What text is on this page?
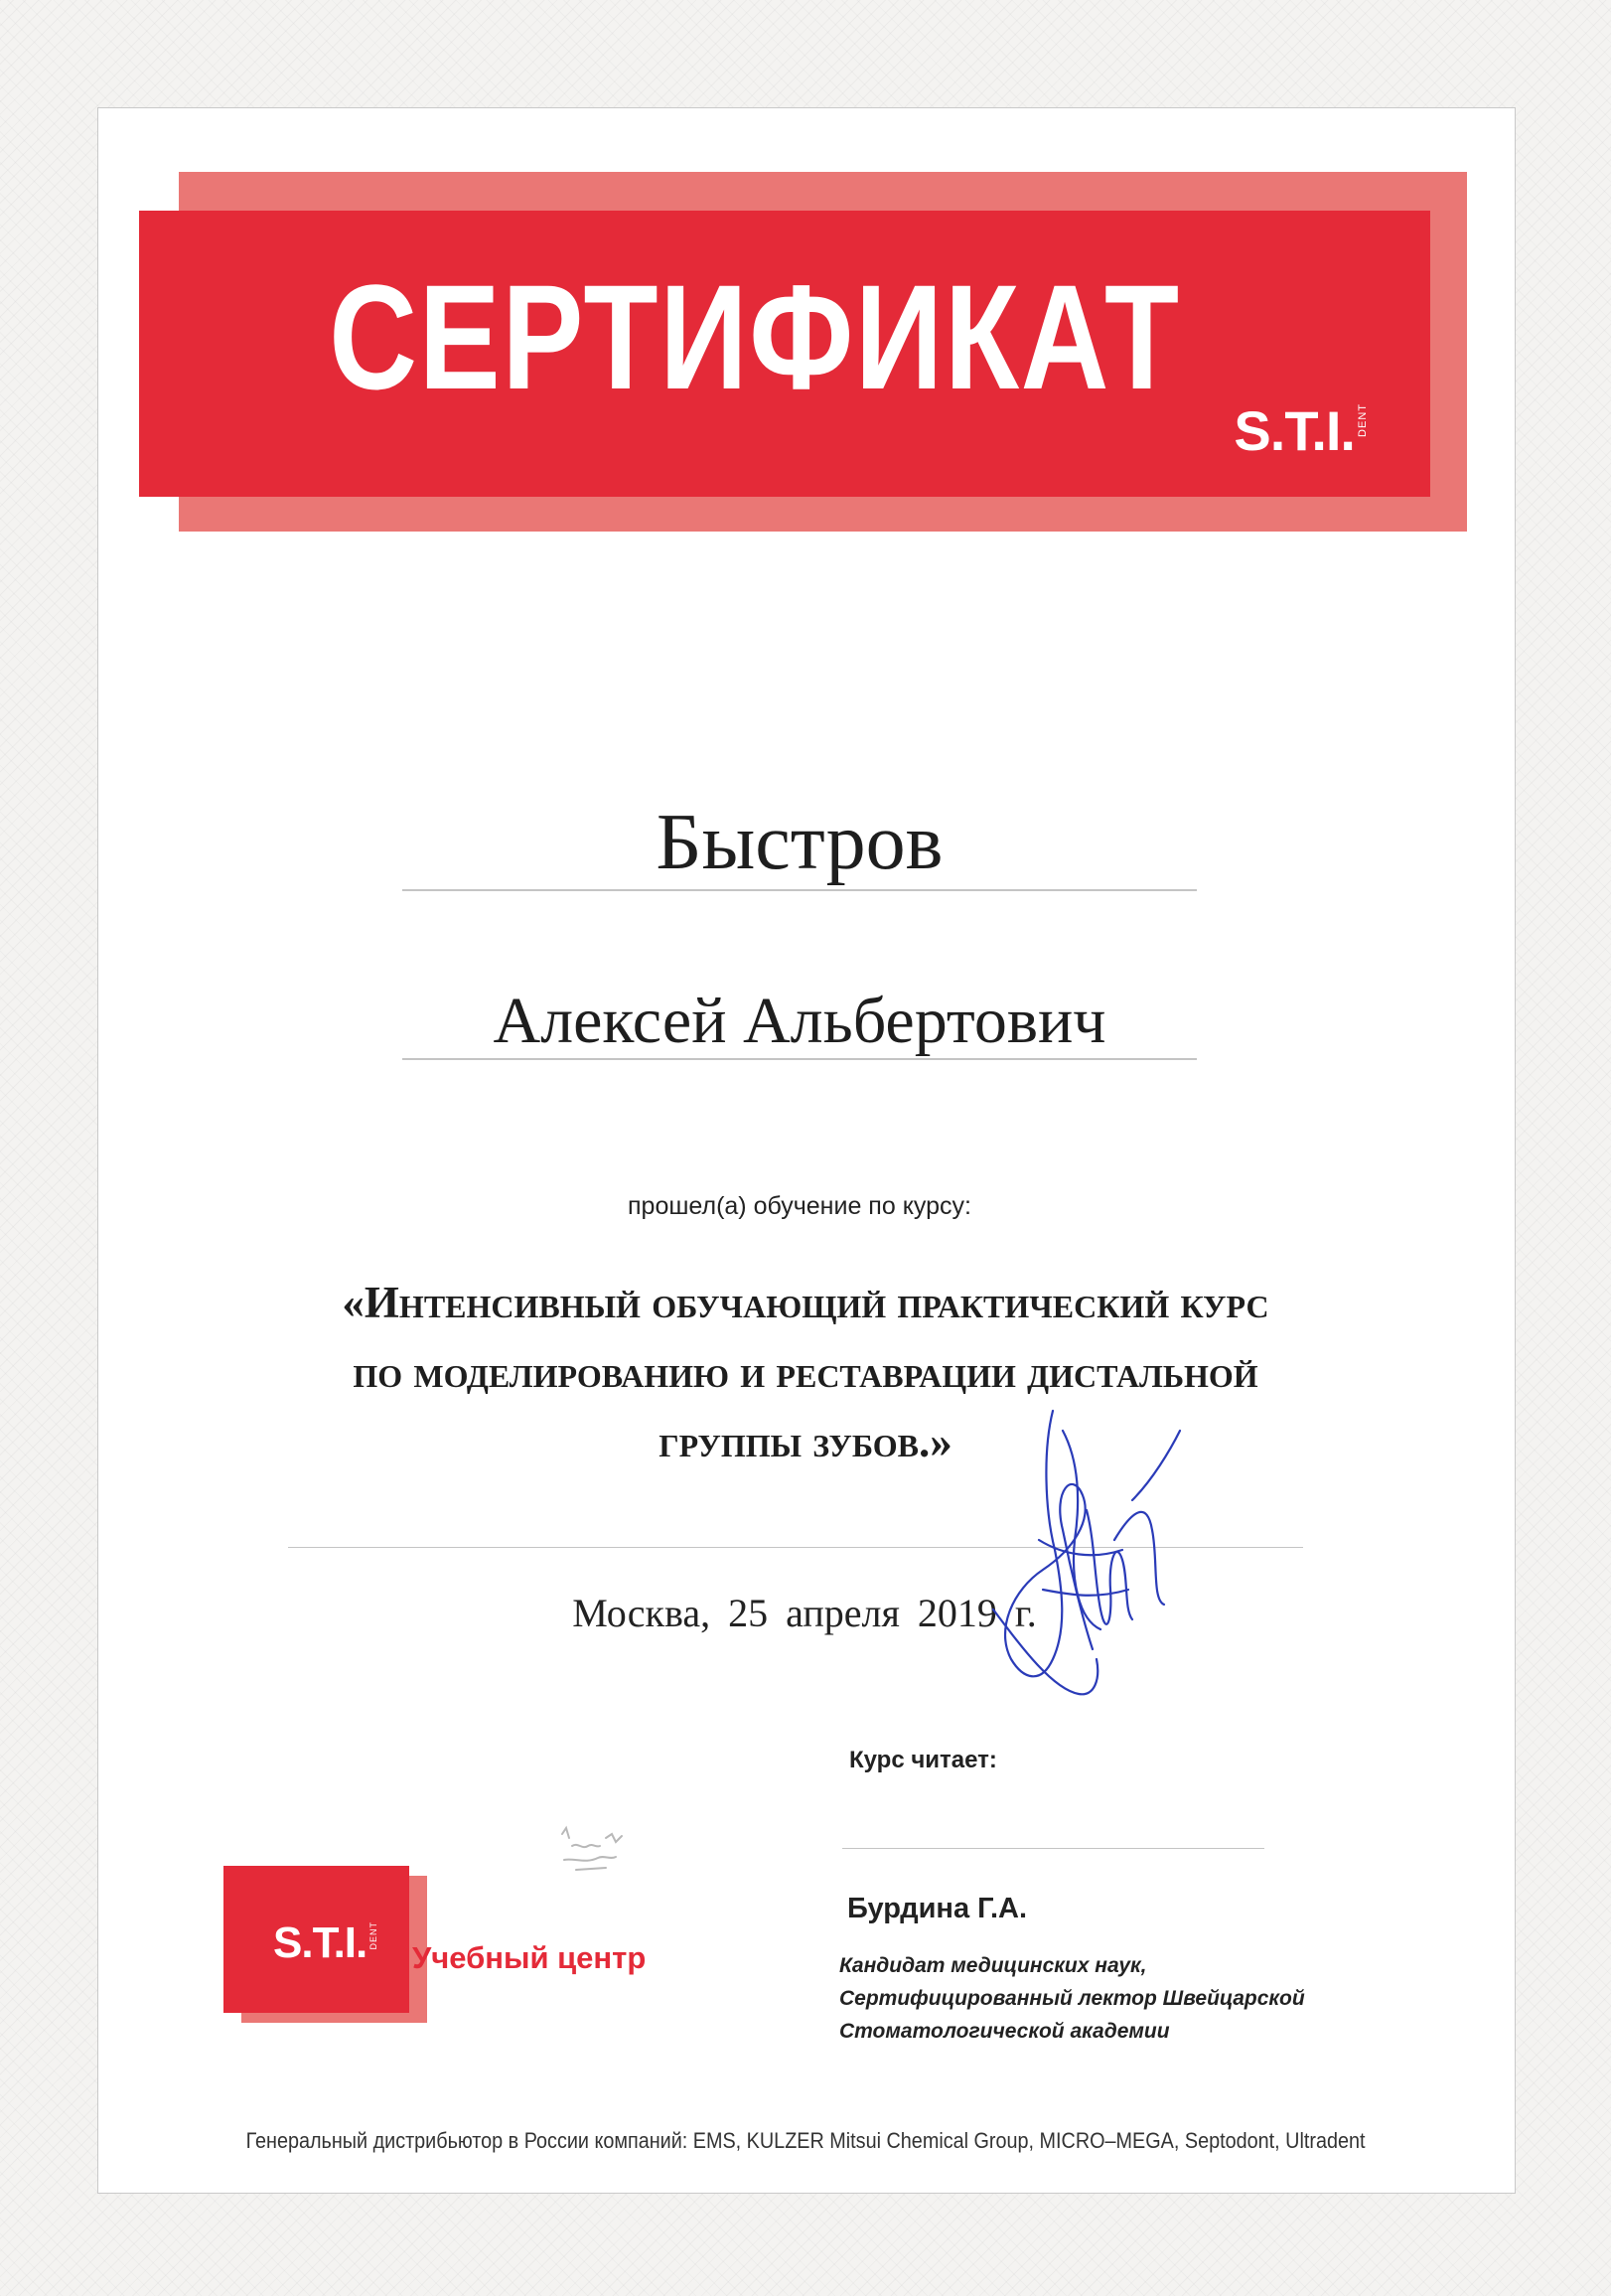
СЕРТИФИКАТ
S.T.I. DENT
Быстров
Алексей Альбертович
прошел(а) обучение по курсу:
«Интенсивный обучающий практический курс
по моделированию и реставрации дистальной
группы зубов.»
Москва, 25 апреля 2019 г.
Курс читает:
Бурдина Г.А.
Кандидат медицинских наук,
Сертифицированный лектор Швейцарской
Стоматологической академии
S.T.I. DENT
Учебный центр
Генеральный дистрибьютор в России компаний: EMS, KULZER Mitsui Chemical Group, MICRO–MEGA, Septodont, Ultradent
